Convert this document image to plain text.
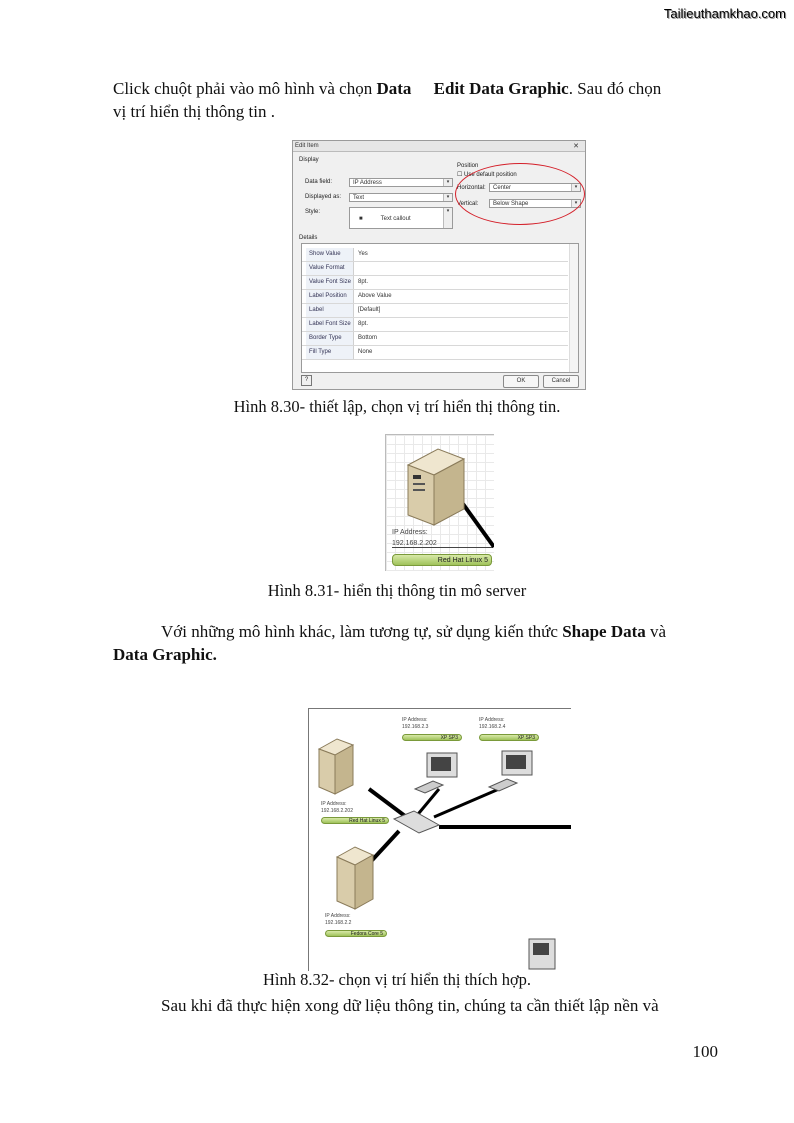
Tailieuthamkhao.com
Click chuột phải vào mô hình và chọn Data Edit Data Graphic. Sau đó chọn
vị trí hiển thị thông tin .
Edit Item	✕
Display
Data field:	IP Address	▾
Displayed as:	Text	▾
Style:
■	Text callout
▾
Position
☐ Use default position
Horizontal:	Center	▾
Vertical:	Below Shape	▾
Details
Show Value	Yes
Value Format
Value Font Size	8pt.
Label Position	Above Value
Label	[Default]
Label Font Size	8pt.
Border Type	Bottom
Fill Type	None
?	OK	Cancel
Hình 8.30- thiết lập, chọn vị trí hiển thị thông tin.
IP Address:
192.168.2.202
Red Hat Linux 5
Hình 8.31- hiển thị thông tin mô server
Với những mô hình khác, làm tương tự, sử dụng kiến thức Shape Data và
Data Graphic.
IP Address:
192.168.2.3
XP SP3
IP Address:
192.168.2.4
XP SP3
IP Address:
192.168.2.202
Red Hat Linux 5
IP Address:
192.168.2.2
Fedora Core 5
Hình 8.32- chọn vị trí hiển thị thích hợp.
Sau khi đã thực hiện xong dữ liệu thông tin, chúng ta cần thiết lập nền và
100
